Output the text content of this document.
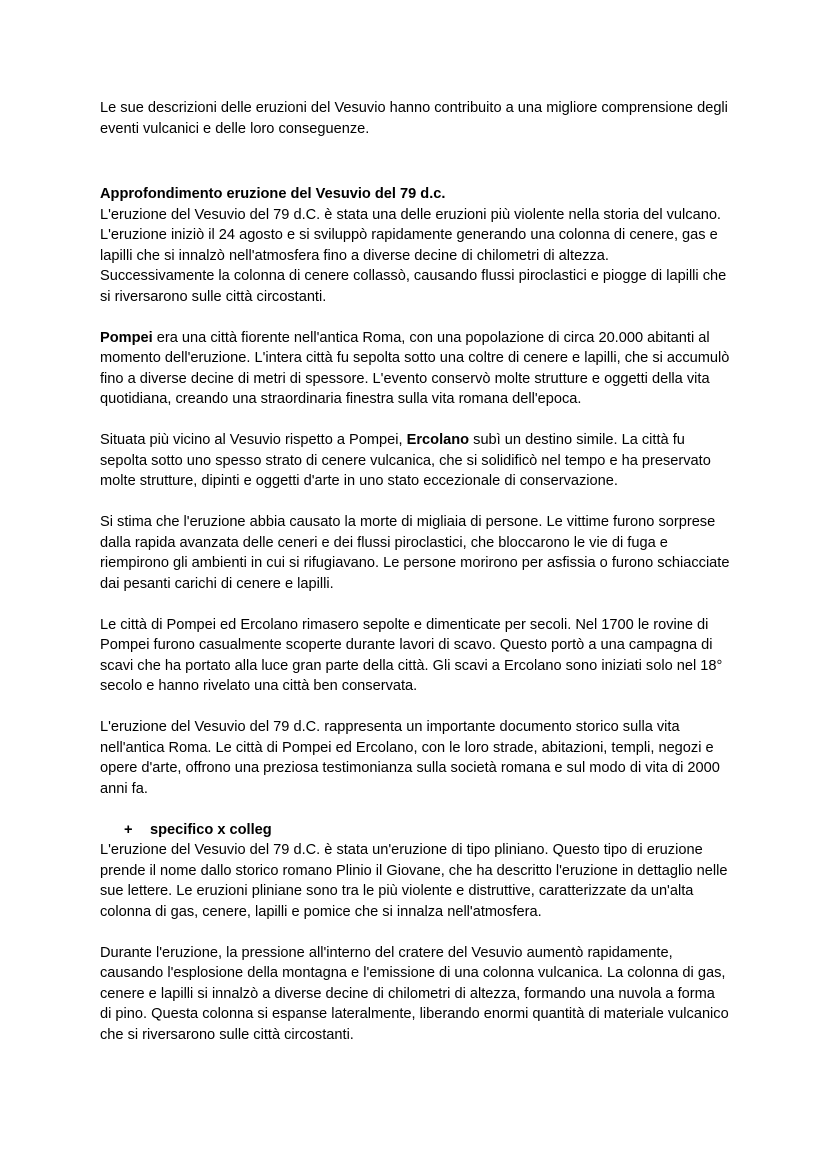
Le sue descrizioni delle eruzioni del Vesuvio hanno contribuito a una migliore comprensione degli eventi vulcanici e delle loro conseguenze.

Approfondimento eruzione del Vesuvio del 79 d.c.

L'eruzione del Vesuvio del 79 d.C. è stata una delle eruzioni più violente nella storia del vulcano. L'eruzione iniziò il 24 agosto e si sviluppò rapidamente generando una colonna di cenere, gas e lapilli che si innalzò nell'atmosfera fino a diverse decine di chilometri di altezza.

Successivamente la colonna di cenere collassò, causando flussi piroclastici e piogge di lapilli che si riversarono sulle città circostanti.

Pompei era una città fiorente nell'antica Roma, con una popolazione di circa 20.000 abitanti al momento dell'eruzione. L'intera città fu sepolta sotto una coltre di cenere e lapilli, che si accumulò fino a diverse decine di metri di spessore. L'evento conservò molte strutture e oggetti della vita quotidiana, creando una straordinaria finestra sulla vita romana dell'epoca.

Situata più vicino al Vesuvio rispetto a Pompei, Ercolano subì un destino simile. La città fu sepolta sotto uno spesso strato di cenere vulcanica, che si solidificò nel tempo e ha preservato molte strutture, dipinti e oggetti d'arte in uno stato eccezionale di conservazione.

Si stima che l'eruzione abbia causato la morte di migliaia di persone. Le vittime furono sorprese dalla rapida avanzata delle ceneri e dei flussi piroclastici, che bloccarono le vie di fuga e riempirono gli ambienti in cui si rifugiavano. Le persone morirono per asfissia o furono schiacciate dai pesanti carichi di cenere e lapilli.

Le città di Pompei ed Ercolano rimasero sepolte e dimenticate per secoli. Nel 1700 le rovine di Pompei furono casualmente scoperte durante lavori di scavo. Questo portò a una campagna di scavi che ha portato alla luce gran parte della città. Gli scavi a Ercolano sono iniziati solo nel 18° secolo e hanno rivelato una città ben conservata.

L'eruzione del Vesuvio del 79 d.C. rappresenta un importante documento storico sulla vita nell'antica Roma. Le città di Pompei ed Ercolano, con le loro strade, abitazioni, templi, negozi e opere d'arte, offrono una preziosa testimonianza sulla società romana e sul modo di vita di 2000 anni fa.

+	specifico x colleg

L'eruzione del Vesuvio del 79 d.C. è stata un'eruzione di tipo pliniano. Questo tipo di eruzione prende il nome dallo storico romano Plinio il Giovane, che ha descritto l'eruzione in dettaglio nelle sue lettere. Le eruzioni pliniane sono tra le più violente e distruttive, caratterizzate da un'alta colonna di gas, cenere, lapilli e pomice che si innalza nell'atmosfera.

Durante l'eruzione, la pressione all'interno del cratere del Vesuvio aumentò rapidamente, causando l'esplosione della montagna e l'emissione di una colonna vulcanica. La colonna di gas, cenere e lapilli si innalzò a diverse decine di chilometri di altezza, formando una nuvola a forma di pino. Questa colonna si espanse lateralmente, liberando enormi quantità di materiale vulcanico che si riversarono sulle città circostanti.
